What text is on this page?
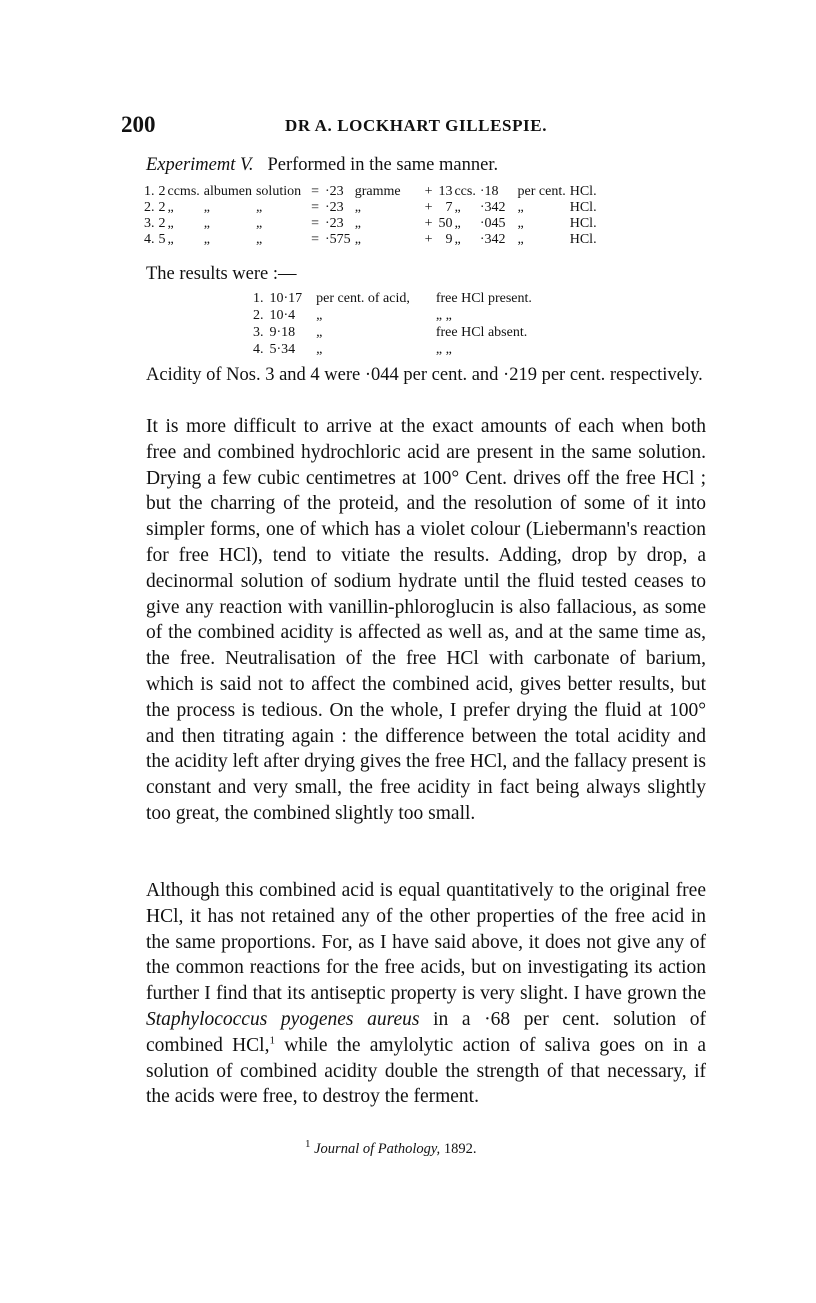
200	DR A. LOCKHART GILLESPIE.
Experimemt V. Performed in the same manner.
1.	2	ccms.	albumen	solution	=	·23	gramme	+	13	ccs.	·18	per cent.	HCl.
2.	2	„	„	„	=	·23	„	+	7	„	·342	„	HCl.
3.	2	„	„	„	=	·23	„	+	50	„	·045	„	HCl.
4.	5	„	„	„	=	·575	„	+	9	„	·342	„	HCl.
The results were :—
1.	10·17	per cent. of acid,	free HCl present.
2.	10·4	„	„ „
3.	9·18	„	free HCl absent.
4.	5·34	„	„ „
Acidity of Nos. 3 and 4 were ·044 per cent. and ·219 per cent. respectively.

It is more difficult to arrive at the exact amounts of each when both free and combined hydrochloric acid are present in the same solution. Drying a few cubic centimetres at 100° Cent. drives off the free HCl ; but the charring of the proteid, and the resolution of some of it into simpler forms, one of which has a violet colour (Liebermann's reaction for free HCl), tend to vitiate the results. Adding, drop by drop, a decinormal solution of sodium hydrate until the fluid tested ceases to give any reaction with vanillin-phloroglucin is also fallacious, as some of the combined acidity is affected as well as, and at the same time as, the free. Neutralisation of the free HCl with carbonate of barium, which is said not to affect the combined acid, gives better results, but the process is tedious. On the whole, I prefer drying the fluid at 100° and then titrating again : the difference between the total acidity and the acidity left after drying gives the free HCl, and the fallacy present is constant and very small, the free acidity in fact being always slightly too great, the combined slightly too small.

Although this combined acid is equal quantitatively to the original free HCl, it has not retained any of the other properties of the free acid in the same proportions. For, as I have said above, it does not give any of the common reactions for the free acids, but on investigating its action further I find that its antiseptic property is very slight. I have grown the Staphylococcus pyogenes aureus in a ·68 per cent. solution of combined HCl,$^1$ while the amylolytic action of saliva goes on in a solution of combined acidity double the strength of that necessary, if the acids were free, to destroy the ferment.

$^1$ Journal of Pathology, 1892.
